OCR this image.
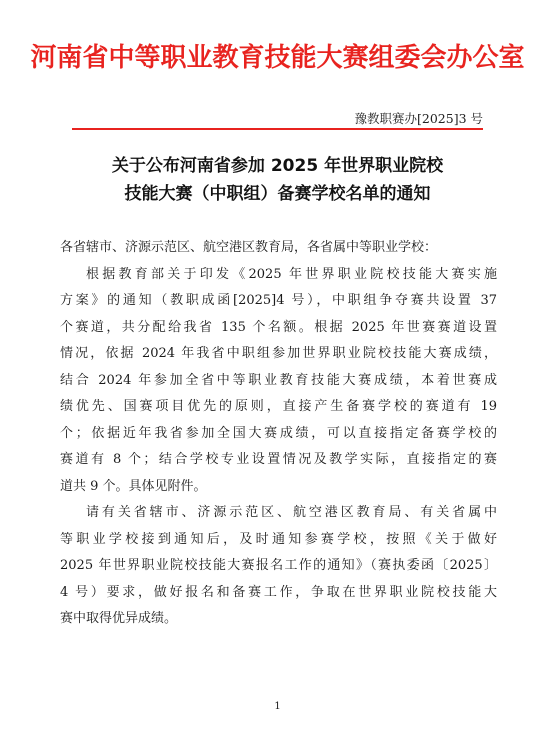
河南省中等职业教育技能大赛组委会办公室
豫教职赛办[2025]3 号
关于公布河南省参加 2025 年世界职业院校
技能大赛（中职组）备赛学校名单的通知

各省辖市、济源示范区、航空港区教育局，各省属中等职业学校：

根据教育部关于印发《2025 年世界职业院校技能大赛实施
方案》的通知（教职成函[2025]4 号），中职组争夺赛共设置 37
个赛道，共分配给我省 135 个名额。根据 2025 年世赛赛道设置
情况，依据 2024 年我省中职组参加世界职业院校技能大赛成绩，
结合 2024 年参加全省中等职业教育技能大赛成绩，本着世赛成
绩优先、国赛项目优先的原则，直接产生备赛学校的赛道有 19
个；依据近年我省参加全国大赛成绩，可以直接指定备赛学校的
赛道有 8 个；结合学校专业设置情况及教学实际，直接指定的赛
道共 9 个。具体见附件。

请有关省辖市、济源示范区、航空港区教育局、有关省属中
等职业学校接到通知后，及时通知参赛学校，按照《关于做好
2025 年世界职业院校技能大赛报名工作的通知》（赛执委函〔2025〕
4 号）要求，做好报名和备赛工作，争取在世界职业院校技能大
赛中取得优异成绩。

1
